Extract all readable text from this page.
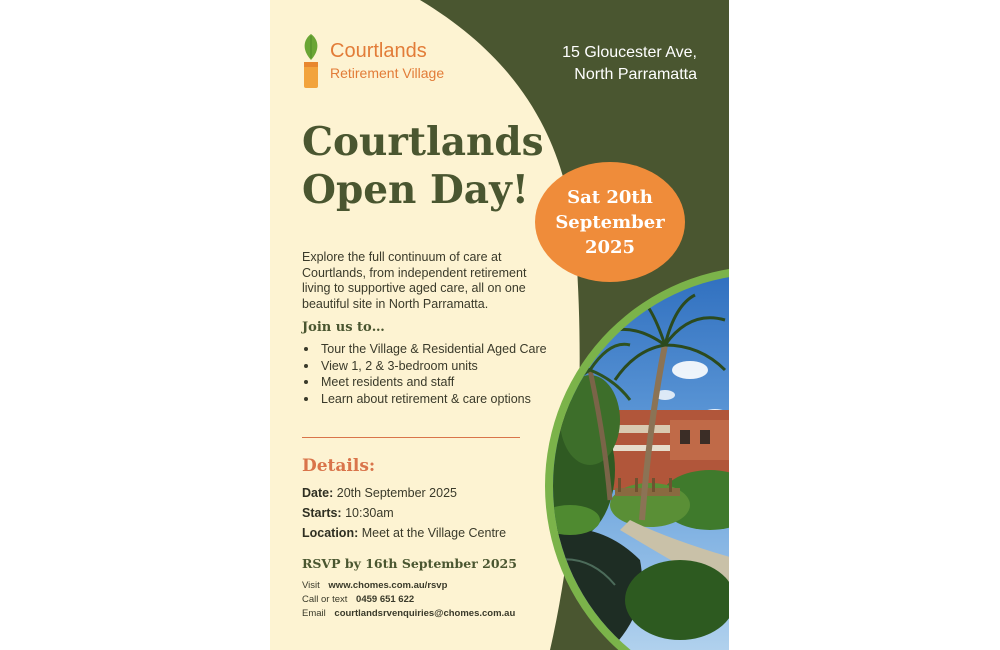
Courtlands
Retirement Village
15 Gloucester Ave,
North Parramatta
Courtlands
Open Day!	Sat 20th
September
2025
Explore the full continuum of care at Courtlands, from independent retirement living to supportive aged care, all on one beautiful site in North Parramatta.
Join us to…
Tour the Village & Residential Aged Care
View 1, 2 & 3-bedroom units
Meet residents and staff
Learn about retirement & care options
Details:
Date: 20th September 2025
Starts: 10:30am
Location: Meet at the Village Centre
RSVP by 16th September 2025
Visit www.chomes.com.au/rsvp
Call or text 0459 651 622
Email courtlandsrvenquiries@chomes.com.au
